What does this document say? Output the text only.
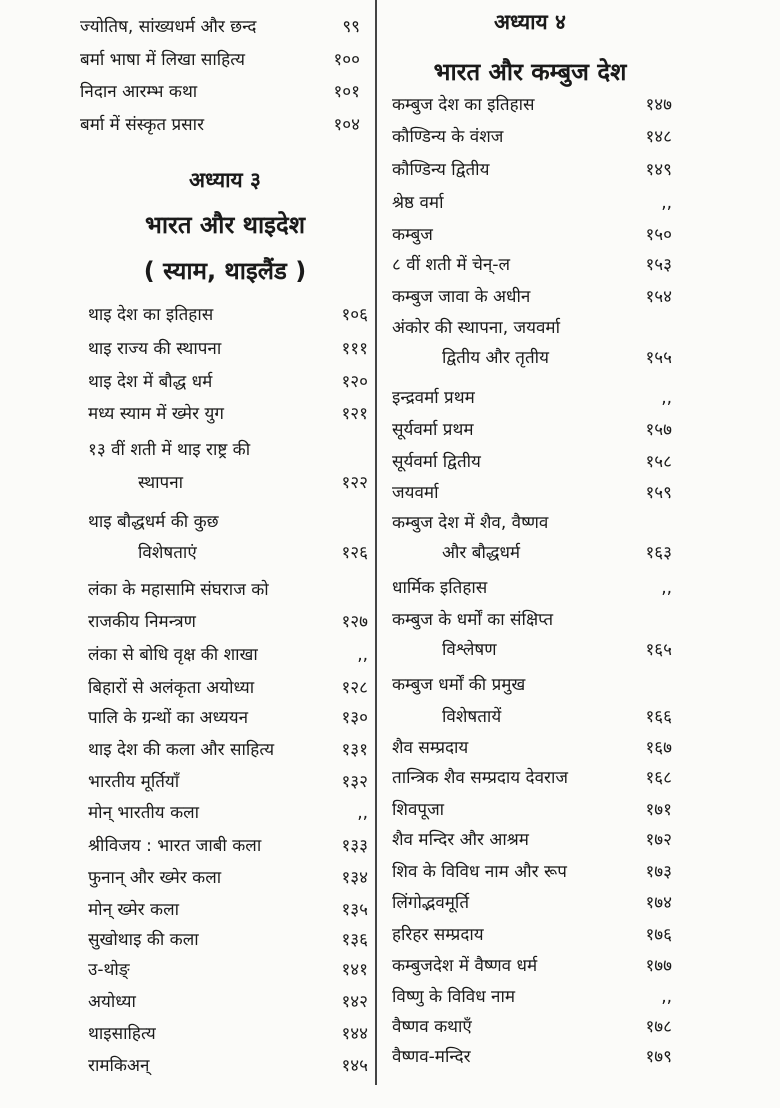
अध्याय ३
भारत और थाइदेश
( स्याम, थाइलैंड )
अध्याय ४
भारत और कम्बुज देश
ज्योतिष, सांख्यधर्म और छन्द	९९
बर्मा भाषा में लिखा साहित्य	१००
निदान आरम्भ कथा	१०१
बर्मा में संस्कृत प्रसार	१०४
थाइ देश का इतिहास	१०६
थाइ राज्य की स्थापना	१११
थाइ देश में बौद्ध धर्म	१२०
मध्य स्याम में ख्मेर युग	१२१
१३ वीं शती में थाइ राष्ट्र की
स्थापना	१२२
थाइ बौद्धधर्म की कुछ
विशेषताएं	१२६
लंका के महासामि संघराज को
राजकीय निमन्त्रण	१२७
लंका से बोधि वृक्ष की शाखा	,,
बिहारों से अलंकृता अयोध्या	१२८
पालि के ग्रन्थों का अध्ययन	१३०
थाइ देश की कला और साहित्य	१३१
भारतीय मूर्तियाँ	१३२
मोन् भारतीय कला	,,
श्रीविजय : भारत जाबी कला	१३३
फुनान् और ख्मेर कला	१३४
मोन् ख्मेर कला	१३५
सुखोथाइ की कला	१३६
उ-थोङ्	१४१
अयोध्या	१४२
थाइसाहित्य	१४४
रामकिअन्	१४५
कम्बुज देश का इतिहास	१४७
कौण्डिन्य के वंशज	१४८
कौण्डिन्य द्वितीय	१४९
श्रेष्ठ वर्मा	,,
कम्बुज	१५०
८ वीं शती में चेन्-ल	१५३
कम्बुज जावा के अधीन	१५४
अंकोर की स्थापना, जयवर्मा
द्वितीय और तृतीय	१५५
इन्द्रवर्मा प्रथम	,,
सूर्यवर्मा प्रथम	१५७
सूर्यवर्मा द्वितीय	१५८
जयवर्मा	१५९
कम्बुज देश में शैव, वैष्णव
और बौद्धधर्म	१६३
धार्मिक इतिहास	,,
कम्बुज के धर्मों का संक्षिप्त
विश्लेषण	१६५
कम्बुज धर्मों की प्रमुख
विशेषतायें	१६६
शैव सम्प्रदाय	१६७
तान्त्रिक शैव सम्प्रदाय देवराज	१६८
शिवपूजा	१७१
शैव मन्दिर और आश्रम	१७२
शिव के विविध नाम और रूप	१७३
लिंगोद्भवमूर्ति	१७४
हरिहर सम्प्रदाय	१७६
कम्बुजदेश में वैष्णव धर्म	१७७
विष्णु के विविध नाम	,,
वैष्णव कथाएँ	१७८
वैष्णव-मन्दिर	१७९
